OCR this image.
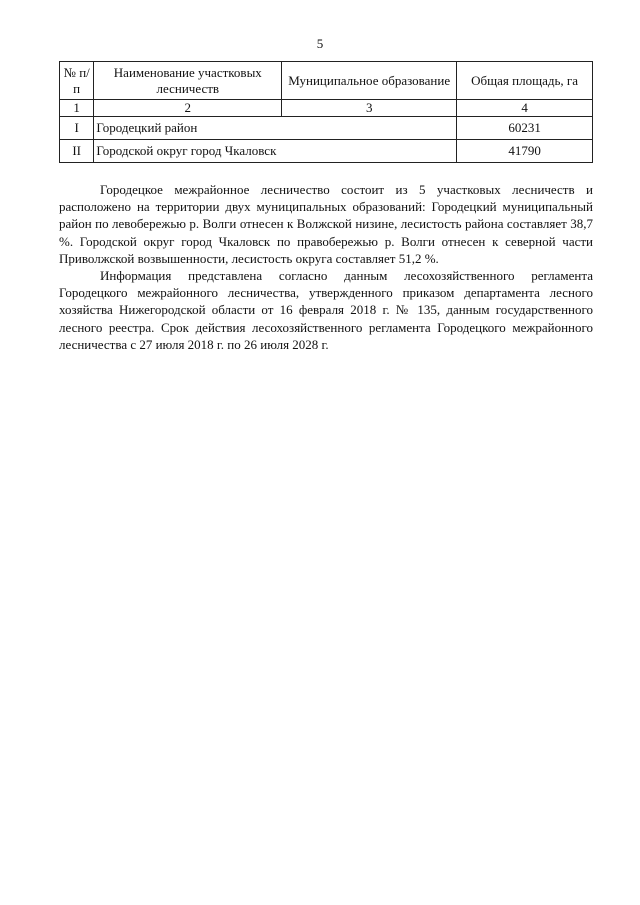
5
№ п/п	Наименование участковых лесничеств	Муниципальное образование	Общая площадь, га
1	2	3	4
I	Городецкий район		60231
II	Городской округ город Чкаловск		41790

Городецкое межрайонное лесничество состоит из 5 участковых лесничеств и расположено на территории двух муниципальных образований: Городецкий муниципальный район по левобережью р. Волги отнесен к Волжской низине, лесистость района составляет 38,7 %. Городской округ город Чкаловск по правобережью р. Волги отнесен к северной части Приволжской возвышенности, лесистость округа составляет 51,2 %.

Информация представлена согласно данным лесохозяйственного регламента Городецкого межрайонного лесничества, утвержденного приказом департамента лесного хозяйства Нижегородской области от 16 февраля 2018 г. № 135, данным государственного лесного реестра. Срок действия лесохозяйственного регламента Городецкого межрайонного лесничества с 27 июля 2018 г. по 26 июля 2028 г.
